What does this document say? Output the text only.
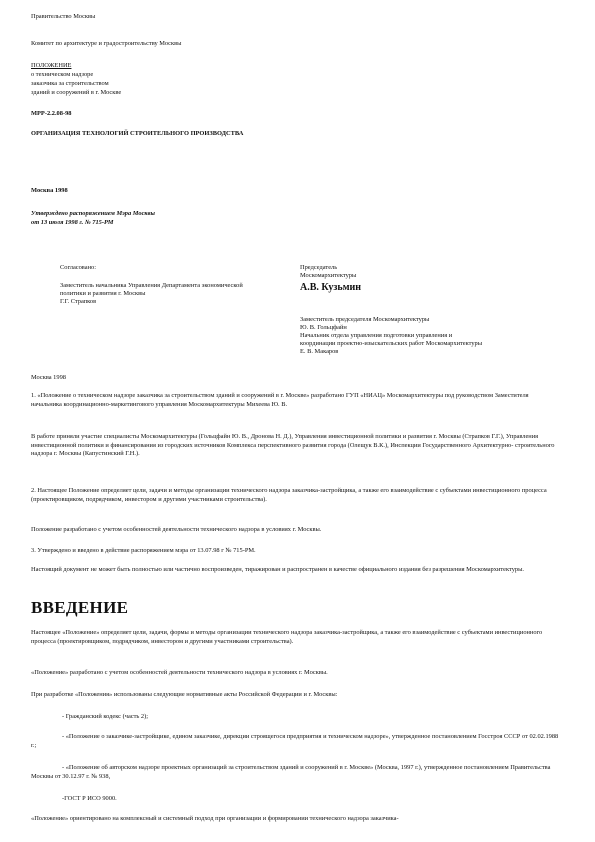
Правительство Москвы

Комитет по архитектуре и градостроительству Москвы

ПОЛОЖЕНИЕ

о техническом надзоре

заказчика за строительством

зданий и сооружений в г. Москве

МРР-2.2.08-98

ОРГАНИЗАЦИЯ ТЕХНОЛОГИЙ СТРОИТЕЛЬНОГО ПРОИЗВОДСТВА

Москва 1998

Утверждено распоряжением Мэра Москвы

от 13 июля 1998 г. № 715-РМ

Согласовано:	Председатель

Москомархитектуры

А.В. Кузьмин

Заместитель начальника Управления Департамента экономической

политики и развития г. Москвы

Г.Г. Страпков

Заместитель председателя Москомархитектуры

Ю. В. Гольцфайн

Начальник отдела управления подготовки управления и

координации проектно-изыскательских работ Москомархитектуры

Е. В. Макаров

Москва 1998

1. «Положение о техническом надзоре заказчика за строительством зданий и сооружений в г. Москве» разработано ГУП «НИАЦ» Москомархитектуры под руководством Заместителя начальника координационно-маркетингового управления Москомархитектуры Михеева Ю. В.

В работе приняли участие специалисты Москомархитектуры (Гольцфайн Ю. В., Дронова Н. Д.), Управления инвестиционной политики и развития г. Москвы (Страпков Г.Г.), Управления инвестиционной политики и финансирования из городских источников Комплекса перспективного развития города (Олещук В.К.), Инспекции Государственного Архитектурно- строительного надзора г. Москвы (Капустинский Г.Н.).

2. Настоящее Положение определяет цели, задачи и методы организации технического надзора заказчика-застройщика, а также его взаимодействие с субъектами инвестиционного процесса (проектировщиком, подрядчиком, инвестором и другими участниками строительства).

Положение разработано с учетом особенностей деятельности технического надзора в условиях г. Москвы.

3. Утверждено и введено в действие распоряжением мэра от 13.07.98 г № 715-РМ.

Настоящий документ не может быть полностью или частично воспроизведен, тиражирован и распространен в качестве официального издания без разрешения Москомархитектуры.

ВВЕДЕНИЕ

Настоящее «Положение» определяет цели, задачи, формы и методы организации технического надзора заказчика-застройщика, а также его взаимодействие с субъектами инвестиционного процесса (проектировщиком, подрядчиком, инвестором и другими участниками строительства).

«Положение» разработано с учетом особенностей деятельности технического надзора в условиях г. Москвы.

При разработке «Положения» использованы следующие нормативные акты Российской Федерации и г. Москвы:

- Гражданский кодекс (часть 2);

- «Положение о заказчике-застройщике, едином заказчике, дирекции строящегося предприятия и техническом надзоре», утвержденное постановлением Госстроя СССР от 02.02.1988 г.;

- «Положение об авторском надзоре проектных организаций за строительством зданий и сооружений в г. Москве» (Москва, 1997 г.), утвержденное постановлением Правительства Москвы от 30.12.97 г. № 938,

-ГОСТ Р ИСО 9000.

«Положение» ориентировано на комплексный и системный подход при организации и формировании технического надзора заказчика-
